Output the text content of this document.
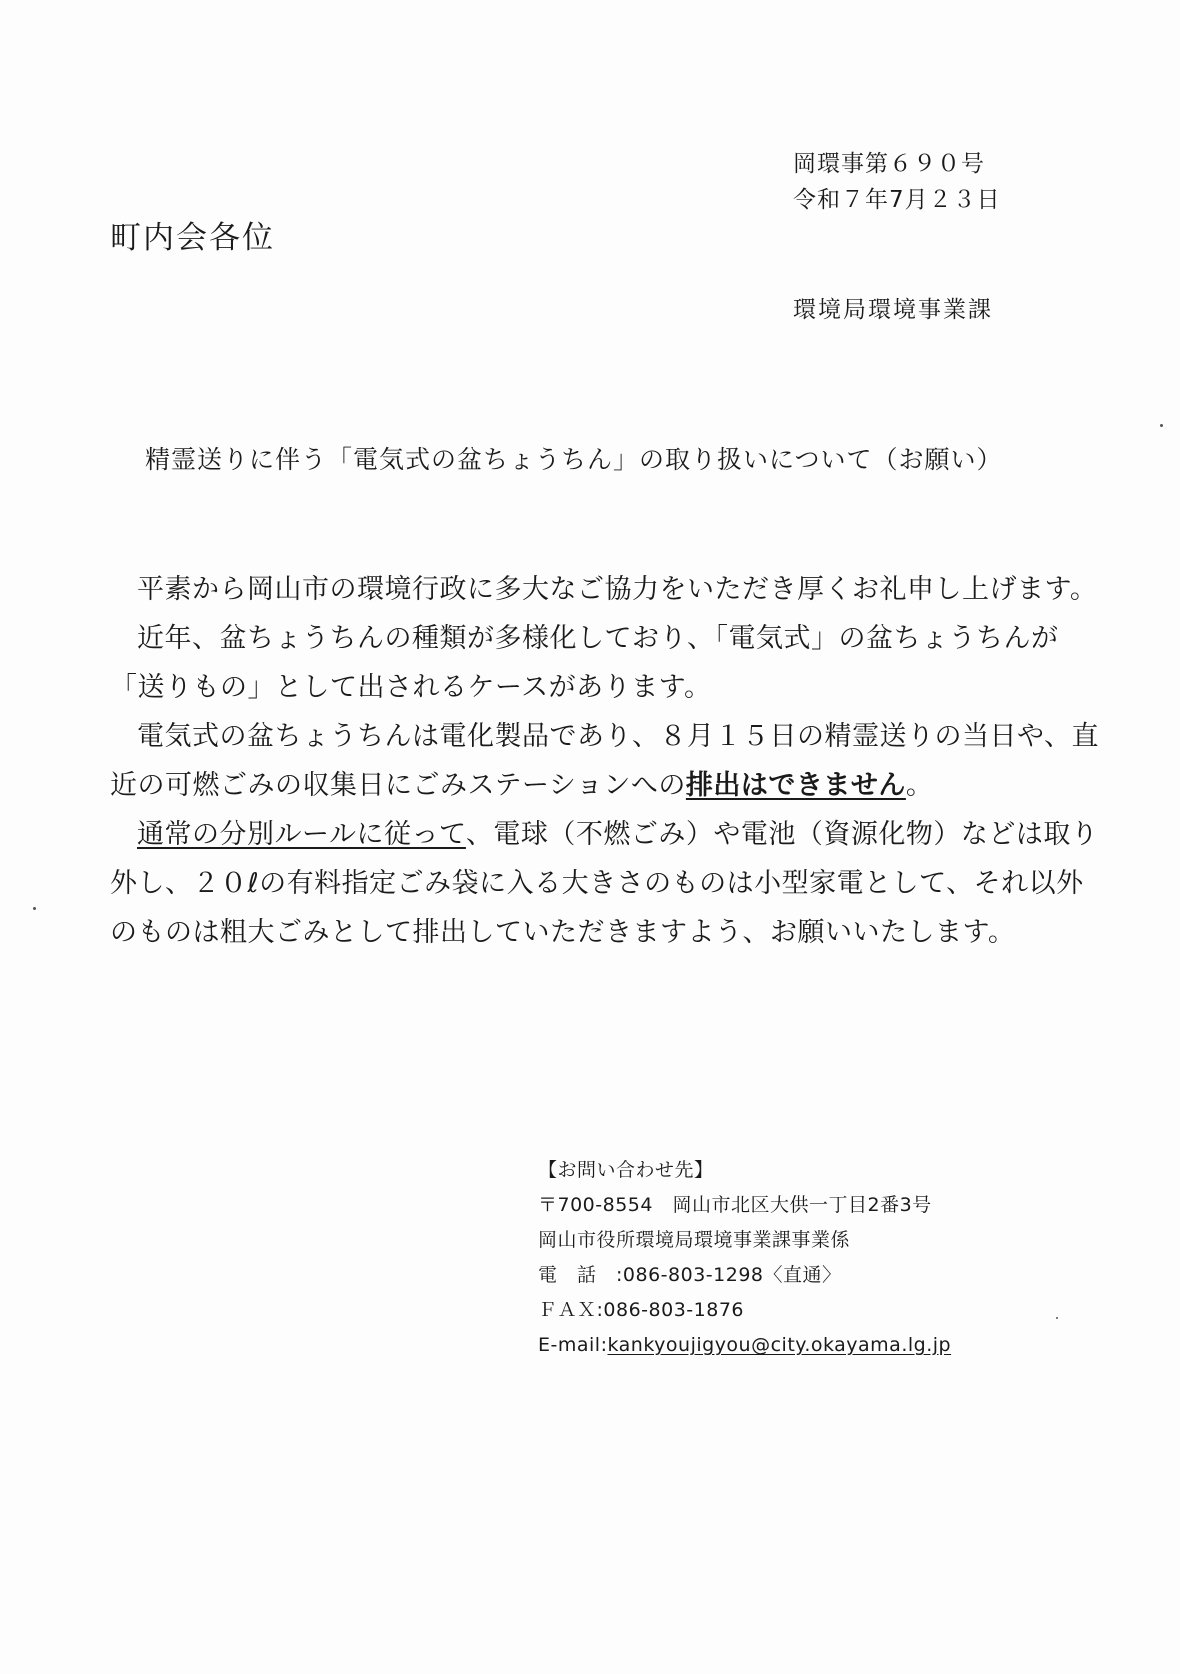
岡環事第６９０号
令和７年7月２３日
町内会各位
環境局環境事業課
精霊送りに伴う「電気式の盆ちょうちん」の取り扱いについて（お願い）

平素から岡山市の環境行政に多大なご協力をいただき厚くお礼申し上げます。

近年、盆ちょうちんの種類が多様化しており、「電気式」の盆ちょうちんが「送りもの」として出されるケースがあります。

電気式の盆ちょうちんは電化製品であり、８月１５日の精霊送りの当日や、直近の可燃ごみの収集日にごみステーションへの排出はできません。

通常の分別ルールに従って、電球（不燃ごみ）や電池（資源化物）などは取り外し、２０ℓの有料指定ごみ袋に入る大きさのものは小型家電として、それ以外のものは粗大ごみとして排出していただきますよう、お願いいたします。

【お問い合わせ先】
〒700-8554　岡山市北区大供一丁目2番3号
岡山市役所環境局環境事業課事業係
電　話　:086-803-1298〈直通〉
ＦＡＸ:086-803-1876
E-mail:kankyoujigyou@city.okayama.lg.jp
